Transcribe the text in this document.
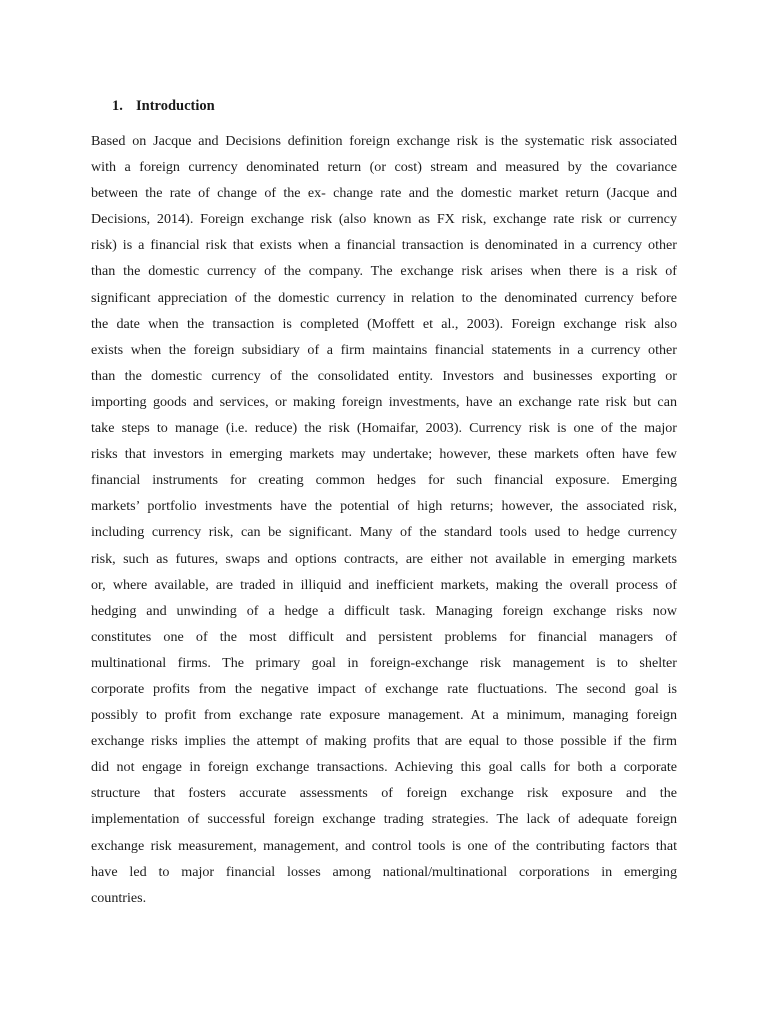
1. Introduction
Based on Jacque and Decisions definition foreign exchange risk is the systematic risk associated
with a foreign currency denominated return (or cost) stream and measured by the covariance
between the rate of change of the ex- change rate and the domestic market return (Jacque and
Decisions, 2014). Foreign exchange risk (also known as FX risk, exchange rate risk or currency
risk) is a financial risk that exists when a financial transaction is denominated in a currency other
than the domestic currency of the company. The exchange risk arises when there is a risk of
significant appreciation of the domestic currency in relation to the denominated currency before
the date when the transaction is completed (Moffett et al., 2003). Foreign exchange risk also
exists when the foreign subsidiary of a firm maintains financial statements in a currency other
than the domestic currency of the consolidated entity. Investors and businesses exporting or
importing goods and services, or making foreign investments, have an exchange rate risk but can
take steps to manage (i.e. reduce) the risk (Homaifar, 2003). Currency risk is one of the major
risks that investors in emerging markets may undertake; however, these markets often have few
financial instruments for creating common hedges for such financial exposure. Emerging
markets’ portfolio investments have the potential of high returns; however, the associated risk,
including currency risk, can be significant. Many of the standard tools used to hedge currency
risk, such as futures, swaps and options contracts, are either not available in emerging markets
or, where available, are traded in illiquid and inefficient markets, making the overall process of
hedging and unwinding of a hedge a difficult task. Managing foreign exchange risks now
constitutes one of the most difficult and persistent problems for financial managers of
multinational firms. The primary goal in foreign-exchange risk management is to shelter
corporate profits from the negative impact of exchange rate fluctuations. The second goal is
possibly to profit from exchange rate exposure management. At a minimum, managing foreign
exchange risks implies the attempt of making profits that are equal to those possible if the firm
did not engage in foreign exchange transactions. Achieving this goal calls for both a corporate
structure that fosters accurate assessments of foreign exchange risk exposure and the
implementation of successful foreign exchange trading strategies. The lack of adequate foreign
exchange risk measurement, management, and control tools is one of the contributing factors that
have led to major financial losses among national/multinational corporations in emerging
countries.
